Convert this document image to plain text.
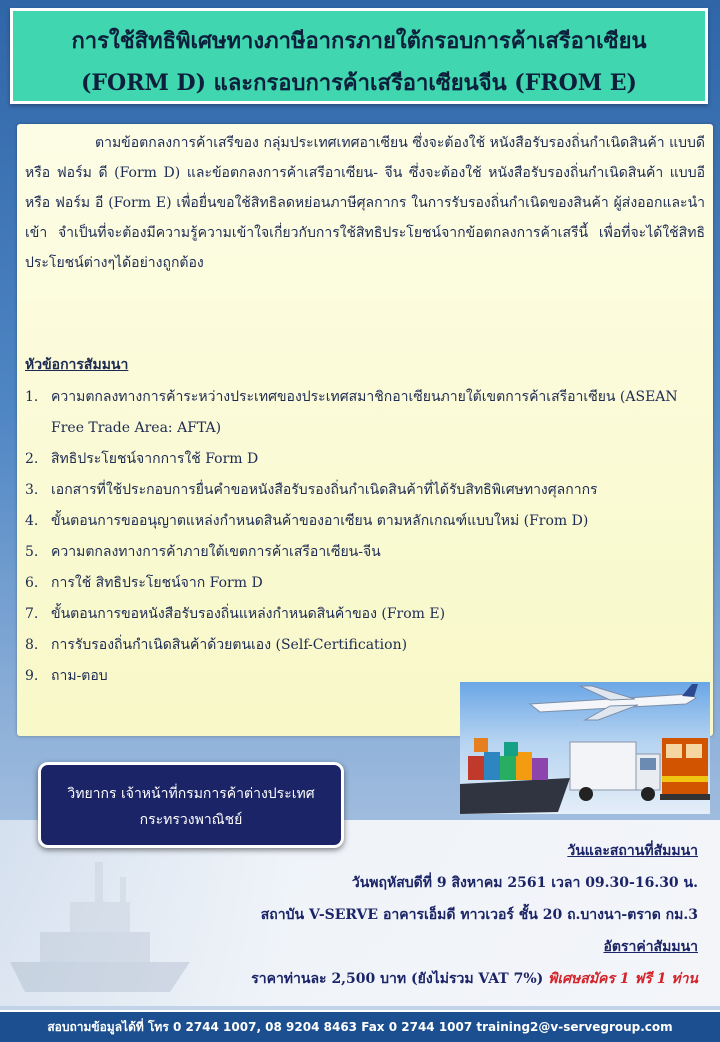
การใช้สิทธิพิเศษทางภาษีอากรภายใต้กรอบการค้าเสรีอาเซียน
(FORM D) และกรอบการค้าเสรีอาเซียนจีน (FROM E)
ตามข้อตกลงการค้าเสรีของ กลุ่มประเทศเทศอาเซียน ซึ่งจะต้องใช้ หนังสือรับรองถิ่นกำเนิดสินค้า แบบดี หรือ ฟอร์ม ดี (Form D) และข้อตกลงการค้าเสรีอาเซียน- จีน ซึ่งจะต้องใช้ หนังสือรับรองถิ่นกำเนิดสินค้า แบบอี หรือ ฟอร์ม อี (Form E) เพื่อยื่นขอใช้สิทธิลดหย่อนภาษีศุลกากร ในการรับรองถิ่นกำเนิดของสินค้า ผู้ส่งออกและนำเข้า จำเป็นที่จะต้องมีความรู้ความเข้าใจเกี่ยวกับการใช้สิทธิประโยชน์จากข้อตกลงการค้าเสรีนี้ เพื่อที่จะได้ใช้สิทธิประโยชน์ต่างๆได้อย่างถูกต้อง
หัวข้อการสัมมนา
1. ความตกลงทางการค้าระหว่างประเทศของประเทศสมาชิกอาเซียนภายใต้เขตการค้าเสรีอาเซียน (ASEAN Free Trade Area: AFTA)
2. สิทธิประโยชน์จากการใช้ Form D
3. เอกสารที่ใช้ประกอบการยื่นคำขอหนังสือรับรองถิ่นกำเนิดสินค้าที่ได้รับสิทธิพิเศษทางศุลกากร
4. ขั้นตอนการขออนุญาตแหล่งกำหนดสินค้าของอาเซียน ตามหลักเกณฑ์แบบใหม่ (From D)
5. ความตกลงทางการค้าภายใต้เขตการค้าเสรีอาเซียน-จีน
6. การใช้ สิทธิประโยชน์จาก Form D
7. ขั้นตอนการขอหนังสือรับรองถิ่นแหล่งกำหนดสินค้าของ (From E)
8. การรับรองถิ่นกำเนิดสินค้าด้วยตนเอง (Self-Certification)
9. ถาม-ตอบ
วันและสถานที่สัมมนา
วันพฤหัสบดีที่ 9 สิงหาคม 2561 เวลา 09.30-16.30 น.
สถาบัน V-SERVE อาคารเอ็มดี ทาวเวอร์ ชั้น 20 ถ.บางนา-ตราด กม.3
อัตราค่าสัมมนา
ราคาท่านละ 2,500 บาท (ยังไม่รวม VAT 7%) พิเศษสมัคร 1 ฟรี 1 ท่าน
วิทยากร เจ้าหน้าที่กรมการค้าต่างประเทศ
กระทรวงพาณิชย์
สอบถามข้อมูลได้ที่ โทร 0 2744 1007, 08 9204 8463 Fax 0 2744 1007 training2@v-servegroup.com
